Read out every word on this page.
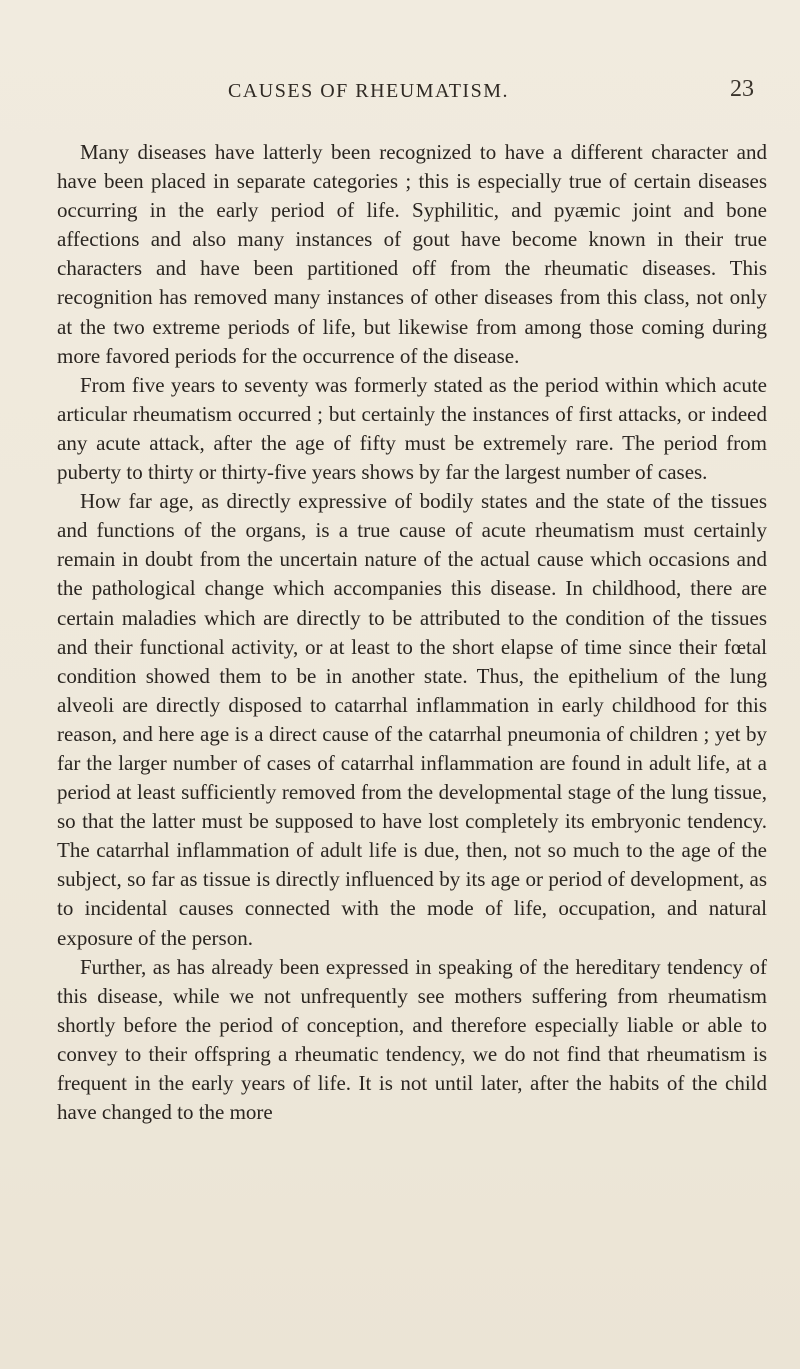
CAUSES OF RHEUMATISM.	23

Many diseases have latterly been recognized to have a different character and have been placed in separate categories ; this is especially true of certain diseases occurring in the early period of life. Syphilitic, and pyæmic joint and bone affections and also many instances of gout have become known in their true characters and have been partitioned off from the rheumatic diseases. This recognition has removed many instances of other diseases from this class, not only at the two extreme periods of life, but likewise from among those coming during more favored periods for the occurrence of the disease.

From five years to seventy was formerly stated as the period within which acute articular rheumatism occurred ; but certainly the instances of first attacks, or indeed any acute attack, after the age of fifty must be extremely rare. The period from puberty to thirty or thirty-five years shows by far the largest number of cases.

How far age, as directly expressive of bodily states and the state of the tissues and functions of the organs, is a true cause of acute rheumatism must certainly remain in doubt from the uncertain nature of the actual cause which occasions and the pathological change which accompanies this disease. In childhood, there are certain maladies which are directly to be attributed to the condition of the tissues and their functional activity, or at least to the short elapse of time since their fœtal condition showed them to be in another state. Thus, the epithelium of the lung alveoli are directly disposed to catarrhal inflammation in early childhood for this reason, and here age is a direct cause of the catarrhal pneumonia of children ; yet by far the larger number of cases of catarrhal inflammation are found in adult life, at a period at least sufficiently removed from the developmental stage of the lung tissue, so that the latter must be supposed to have lost completely its embryonic tendency. The catarrhal inflammation of adult life is due, then, not so much to the age of the subject, so far as tissue is directly influenced by its age or period of development, as to incidental causes connected with the mode of life, occupation, and natural exposure of the person.

Further, as has already been expressed in speaking of the hereditary tendency of this disease, while we not unfrequently see mothers suffering from rheumatism shortly before the period of conception, and therefore especially liable or able to convey to their offspring a rheumatic tendency, we do not find that rheumatism is frequent in the early years of life. It is not until later, after the habits of the child have changed to the more
